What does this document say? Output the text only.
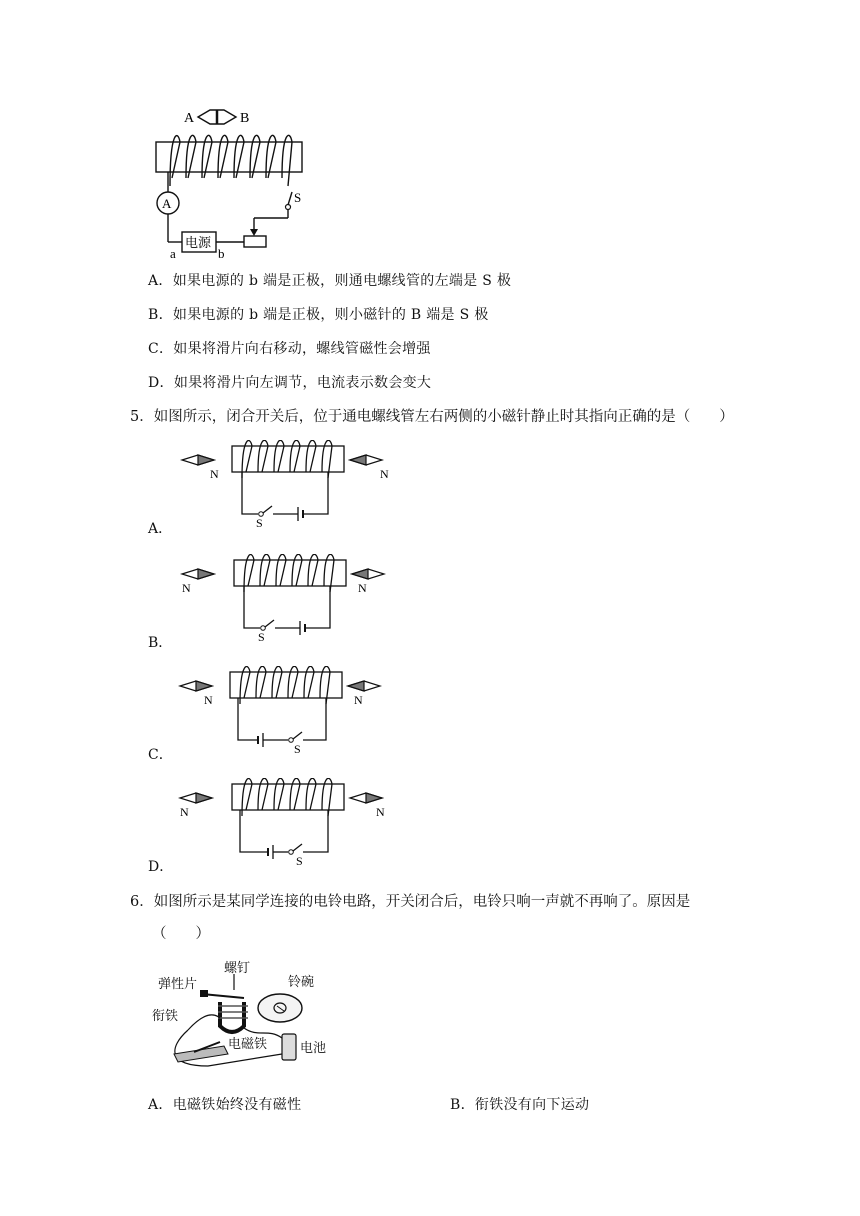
A	B
A
电源
a	b
S
A．如果电源的 b 端是正极，则通电螺线管的左端是 S 极
B．如果电源的 b 端是正极，则小磁针的 B 端是 S 极
C．如果将滑片向右移动，螺线管磁性会增强
D．如果将滑片向左调节，电流表示数会变大
5．如图所示，闭合开关后，位于通电螺线管左右两侧的小磁针静止时其指向正确的是（　　）
N
S
N
A．
N
S
N
B．
N
S
N
C．
N
S
N
D．
6．如图所示是某同学连接的电铃电路，开关闭合后，电铃只响一声就不再响了。原因是
（　　）
螺钉
弹性片	铃碗
衔铁
电磁铁	电池
A．电磁铁始终没有磁性	B．衔铁没有向下运动
